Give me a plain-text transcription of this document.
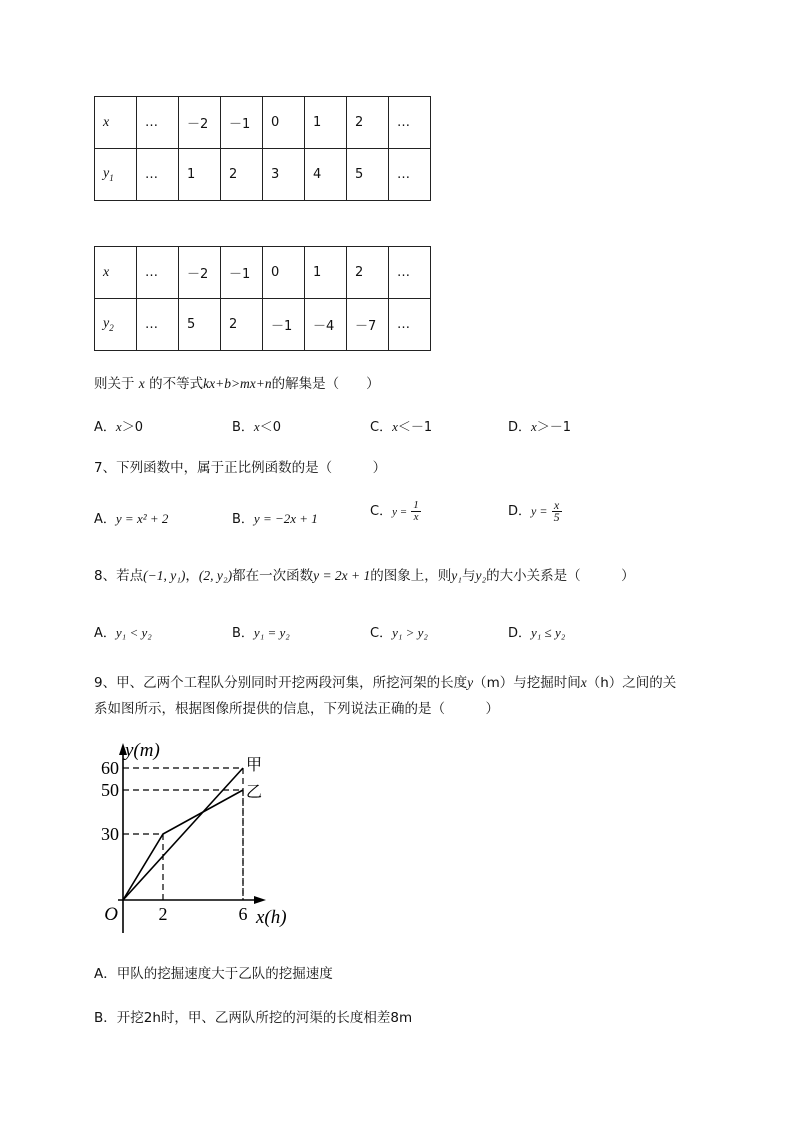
x	…	－2	－1	0	1	2	…
$y_1$	…	1	2	3	4	5	…
x	…	－2	－1	0	1	2	…
$y_2$	…	5	2	－1	－4	－7	…
则关于 x 的不等式kx+b>mx+n的解集是（　　）
A．x＞0	B．x＜0	C．x＜－1	D．x＞－1
7、下列函数中，属于正比例函数的是（　　　）
A．y = x² + 2	B．y = −2x + 1	C．$y = \frac{1}{x}$	D．$y = \frac{x}{5}$
8、若点(−1, y₁)，(2, y₂)都在一次函数y = 2x + 1的图象上，则y₁与y₂的大小关系是（　　　）
A．y₁ < y₂	B．y₁ = y₂	C．y₁ > y₂	D．y₁ ≤ y₂
9、甲、乙两个工程队分别同时开挖两段河集，所挖河架的长度y（m）与挖掘时间x（h）之间的关
系如图所示，根据图像所提供的信息，下列说法正确的是（　　　）
甲
乙
30
50
60
2	6
O
y(m)
x(h)
A．甲队的挖掘速度大于乙队的挖掘速度
B．开挖2h时，甲、乙两队所挖的河渠的长度相差8m
